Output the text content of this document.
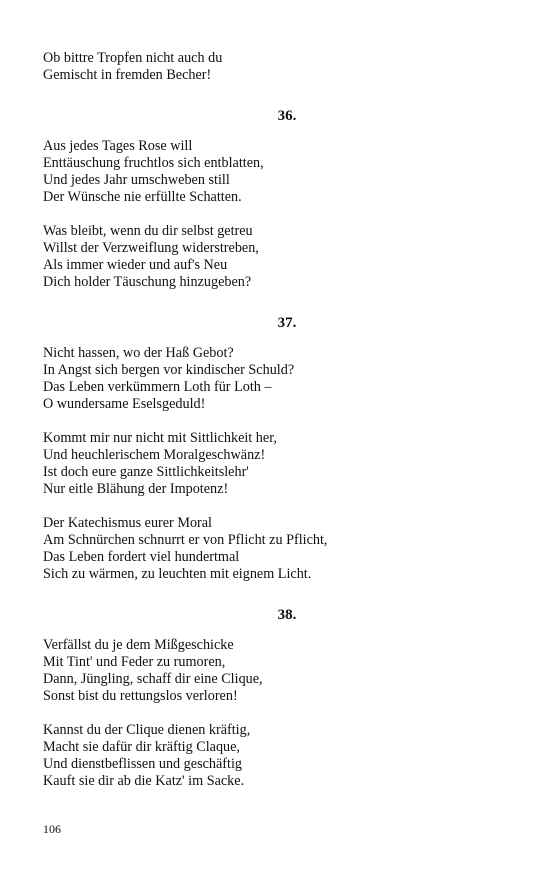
Ob bittre Tropfen nicht auch du
Gemischt in fremden Becher!
36.
Aus jedes Tages Rose will
Enttäuschung fruchtlos sich entblatten,
Und jedes Jahr umschweben still
Der Wünsche nie erfüllte Schatten.
Was bleibt, wenn du dir selbst getreu
Willst der Verzweiflung widerstreben,
Als immer wieder und auf's Neu
Dich holder Täuschung hinzugeben?
37.
Nicht hassen, wo der Haß Gebot?
In Angst sich bergen vor kindischer Schuld?
Das Leben verkümmern Loth für Loth –
O wundersame Eselsgeduld!
Kommt mir nur nicht mit Sittlichkeit her,
Und heuchlerischem Moralgeschwänz!
Ist doch eure ganze Sittlichkeitslehr'
Nur eitle Blähung der Impotenz!
Der Katechismus eurer Moral
Am Schnürchen schnurrt er von Pflicht zu Pflicht,
Das Leben fordert viel hundertmal
Sich zu wärmen, zu leuchten mit eignem Licht.
38.
Verfällst du je dem Mißgeschicke
Mit Tint' und Feder zu rumoren,
Dann, Jüngling, schaff dir eine Clique,
Sonst bist du rettungslos verloren!
Kannst du der Clique dienen kräftig,
Macht sie dafür dir kräftig Claque,
Und dienstbeflissen und geschäftig
Kauft sie dir ab die Katz' im Sacke.
106
